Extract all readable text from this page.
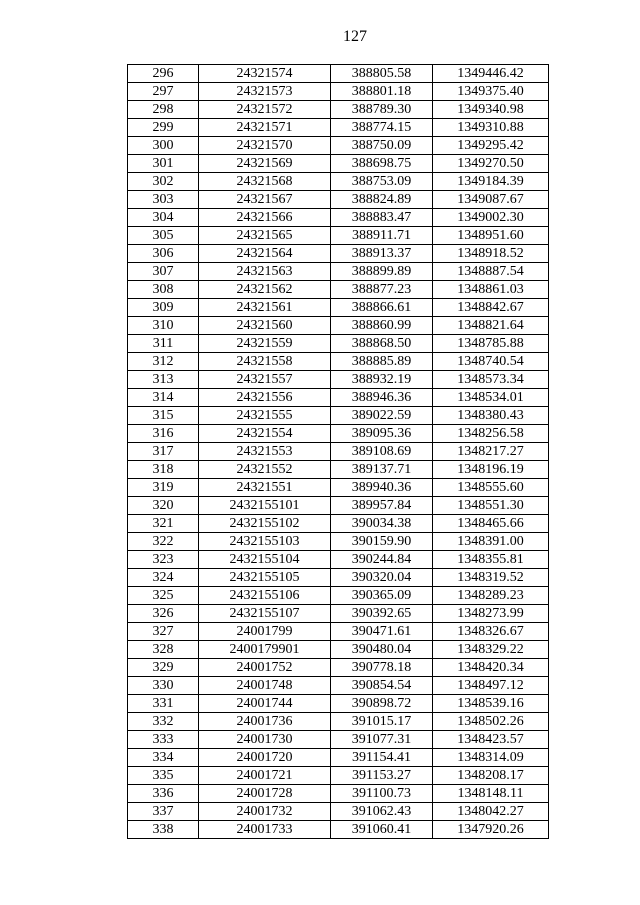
127
296	24321574	388805.58	1349446.42
297	24321573	388801.18	1349375.40
298	24321572	388789.30	1349340.98
299	24321571	388774.15	1349310.88
300	24321570	388750.09	1349295.42
301	24321569	388698.75	1349270.50
302	24321568	388753.09	1349184.39
303	24321567	388824.89	1349087.67
304	24321566	388883.47	1349002.30
305	24321565	388911.71	1348951.60
306	24321564	388913.37	1348918.52
307	24321563	388899.89	1348887.54
308	24321562	388877.23	1348861.03
309	24321561	388866.61	1348842.67
310	24321560	388860.99	1348821.64
311	24321559	388868.50	1348785.88
312	24321558	388885.89	1348740.54
313	24321557	388932.19	1348573.34
314	24321556	388946.36	1348534.01
315	24321555	389022.59	1348380.43
316	24321554	389095.36	1348256.58
317	24321553	389108.69	1348217.27
318	24321552	389137.71	1348196.19
319	24321551	389940.36	1348555.60
320	2432155101	389957.84	1348551.30
321	2432155102	390034.38	1348465.66
322	2432155103	390159.90	1348391.00
323	2432155104	390244.84	1348355.81
324	2432155105	390320.04	1348319.52
325	2432155106	390365.09	1348289.23
326	2432155107	390392.65	1348273.99
327	24001799	390471.61	1348326.67
328	2400179901	390480.04	1348329.22
329	24001752	390778.18	1348420.34
330	24001748	390854.54	1348497.12
331	24001744	390898.72	1348539.16
332	24001736	391015.17	1348502.26
333	24001730	391077.31	1348423.57
334	24001720	391154.41	1348314.09
335	24001721	391153.27	1348208.17
336	24001728	391100.73	1348148.11
337	24001732	391062.43	1348042.27
338	24001733	391060.41	1347920.26
